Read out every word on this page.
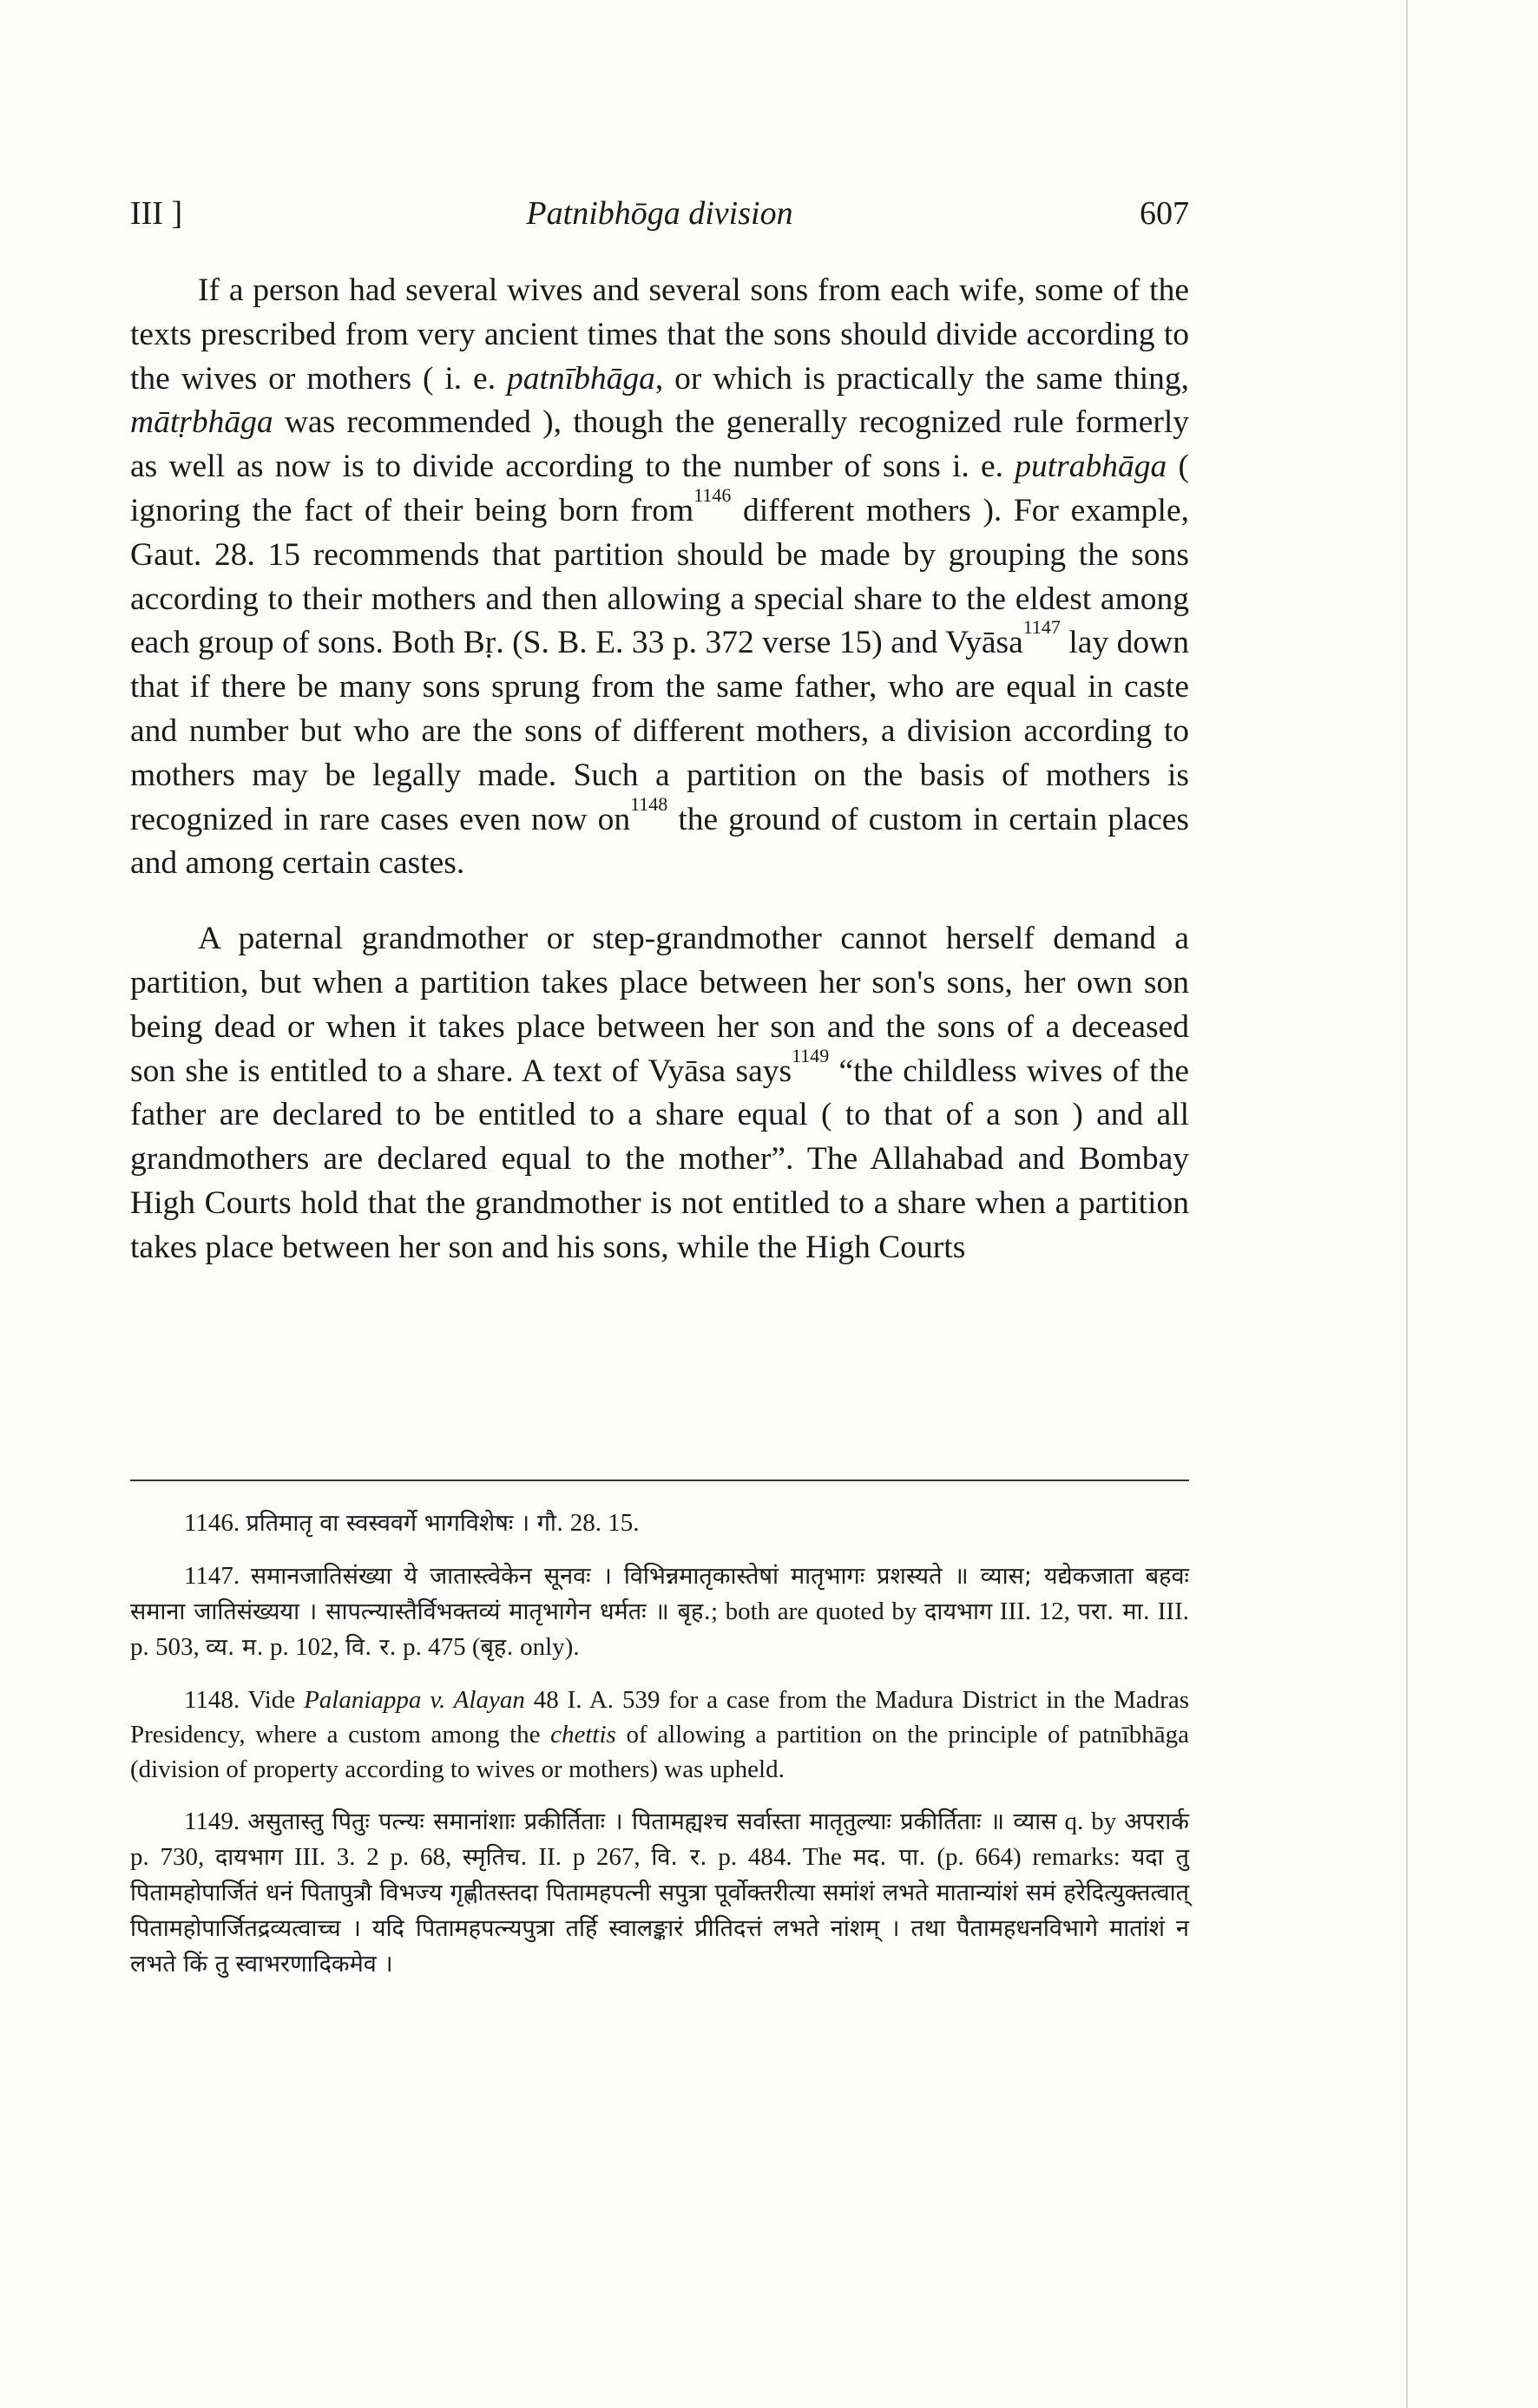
III ]	Patnibhōga division	607

If a person had several wives and several sons from each wife, some of the texts prescribed from very ancient times that the sons should divide according to the wives or mothers ( i. e. patnībhāga, or which is practically the same thing, mātṛbhāga was recommended ), though the generally recognized rule formerly as well as now is to divide according to the number of sons i. e. putrabhāga ( ignoring the fact of their being born from$^{1146}$ different mothers ). For example, Gaut. 28. 15 recommends that partition should be made by grouping the sons according to their mothers and then allowing a special share to the eldest among each group of sons. Both Bṛ. (S. B. E. 33 p. 372 verse 15) and Vyāsa$^{1147}$ lay down that if there be many sons sprung from the same father, who are equal in caste and number but who are the sons of different mothers, a division according to mothers may be legally made. Such a partition on the basis of mothers is recognized in rare cases even now on$^{1148}$ the ground of custom in certain places and among certain castes.

A paternal grandmother or step-grandmother cannot herself demand a partition, but when a partition takes place between her son's sons, her own son being dead or when it takes place between her son and the sons of a deceased son she is entitled to a share. A text of Vyāsa says$^{1149}$ “the childless wives of the father are declared to be entitled to a share equal ( to that of a son ) and all grandmothers are declared equal to the mother”. The Allahabad and Bombay High Courts hold that the grandmother is not entitled to a share when a partition takes place between her son and his sons, while the High Courts

1146. प्रतिमातृ वा स्वस्ववर्गे भागविशेषः । गौ. 28. 15.

1147. समानजातिसंख्या ये जातास्त्वेकेन सूनवः । विभिन्नमातृकास्तेषां मातृभागः प्रशस्यते ॥ व्यास; यद्येकजाता बहवः समाना जातिसंख्यया । सापत्न्यास्तैर्विभक्तव्यं मातृभागेन धर्मतः ॥ बृह.; both are quoted by दायभाग III. 12, परा. मा. III. p. 503, व्य. म. p. 102, वि. र. p. 475 (बृह. only).

1148. Vide Palaniappa v. Alayan 48 I. A. 539 for a case from the Madura District in the Madras Presidency, where a custom among the chettis of allowing a partition on the principle of patnībhāga (division of property according to wives or mothers) was upheld.

1149. असुतास्तु पितुः पत्न्यः समानांशाः प्रकीर्तिताः । पितामह्यश्च सर्वास्ता मातृतुल्याः प्रकीर्तिताः ॥ व्यास q. by अपरार्क p. 730, दायभाग III. 3. 2 p. 68, स्मृतिच. II. p 267, वि. र. p. 484. The मद. पा. (p. 664) remarks: यदा तु पितामहोपार्जितं धनं पितापुत्रौ विभज्य गृह्णीतस्तदा पितामहपत्नी सपुत्रा पूर्वोक्तरीत्या समांशं लभते मातान्यांशं समं हरेदित्युक्तत्वात् पितामहोपार्जितद्रव्यत्वाच्च । यदि पितामहपत्न्यपुत्रा तर्हि स्वालङ्कारं प्रीतिदत्तं लभते नांशम् । तथा पैतामहधनविभागे मातांशं न लभते किं तु स्वाभरणादिकमेव ।
